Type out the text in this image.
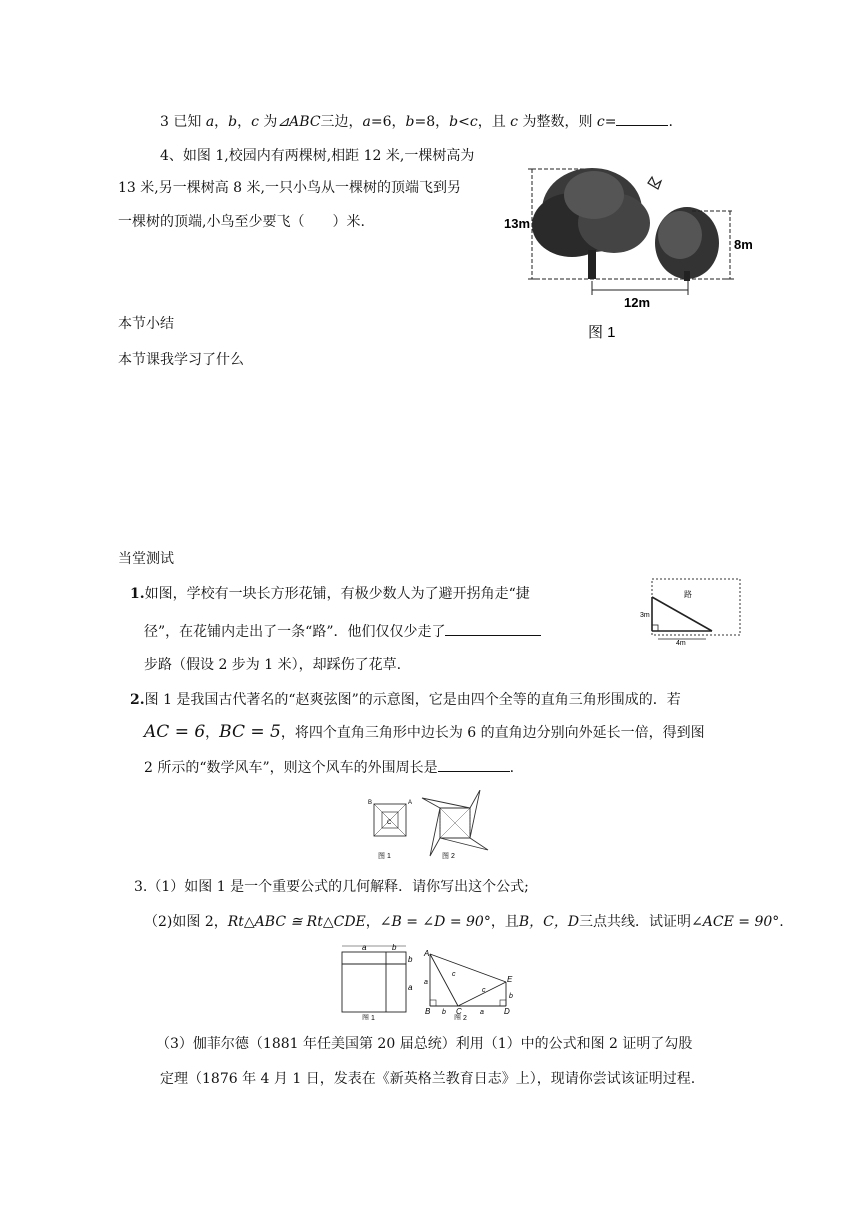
3 已知 a，b，c 为⊿ABC三边，a=6，b=8，b<c，且 c 为整数，则 c=	.
4、如图 1,校园内有两棵树,相距 12 米,一棵树高为
13 米,另一棵树高 8 米,一只小鸟从一棵树的顶端飞到另
一棵树的顶端,小鸟至少要飞（　　）米.	13m
8m
12m
图 1
本节小结
本节课我学习了什么
当堂测试
1.如图，学校有一块长方形花铺，有极少数人为了避开拐角走“捷
径”，在花铺内走出了一条“路”．他们仅仅少走了
步路（假设 2 步为 1 米），却踩伤了花草.
路
3m
4m
2.图 1 是我国古代著名的“赵爽弦图”的示意图，它是由四个全等的直角三角形围成的．若
AC = 6，BC = 5，将四个直角三角形中边长为 6 的直角边分别向外延长一倍，得到图
2 所示的“数学风车”，则这个风车的外围周长是	.
B	A
C
图 1	图 2
3.（1）如图 1 是一个重要公式的几何解释．请你写出这个公式;
（2)如图 2，Rt△ABC ≅ Rt△CDE，∠B = ∠D = 90°，且B，C，D三点共线．试证明∠ACE = 90°.
a	b
b
a
图 1
A
E
B	C	D
a
c
c
b	a
b
图 2
（3）伽菲尔德（1881 年任美国第 20 届总统）利用（1）中的公式和图 2 证明了勾股
定理（1876 年 4 月 1 日，发表在《新英格兰教育日志》上），现请你尝试该证明过程.
